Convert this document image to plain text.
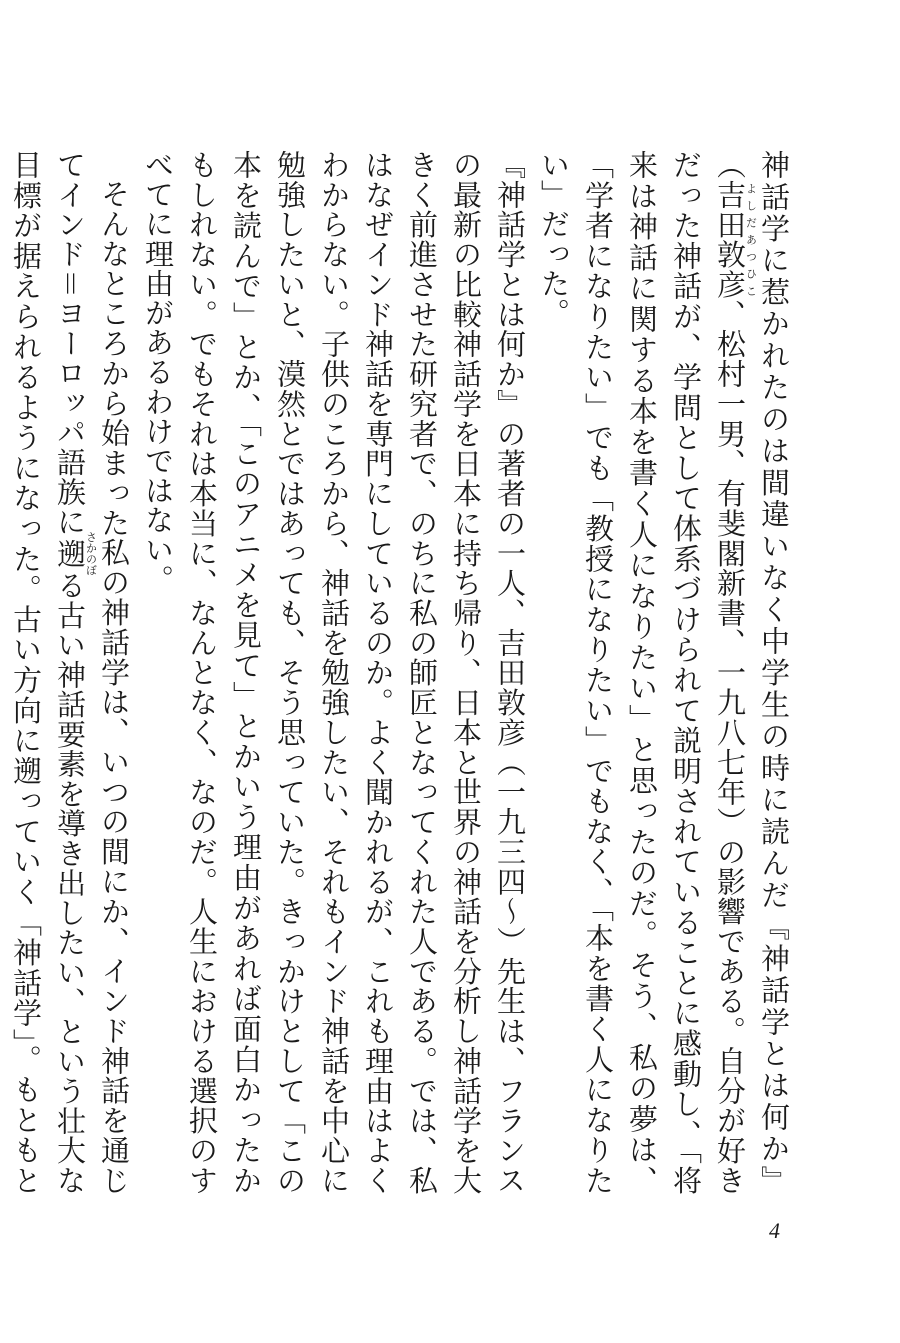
神話学に惹かれたのは間違いなく中学生の時に読んだ『神話学とは何か』（吉田敦彦よしだあつひこ、松村一男、有斐閣新書、一九八七年）の影響である。自分が好きだった神話が、学問として体系づけられて説明されていることに感動し、「将来は神話に関する本を書く人になりたい」と思ったのだ。そう、私の夢は、「学者になりたい」でも「教授になりたい」でもなく、「本を書く人になりたい」だった。

『神話学とは何か』の著者の一人、吉田敦彦（一九三四〜）先生は、フランスの最新の比較神話学を日本に持ち帰り、日本と世界の神話を分析し神話学を大きく前進させた研究者で、のちに私の師匠となってくれた人である。では、私はなぜインド神話を専門にしているのか。よく聞かれるが、これも理由はよくわからない。子供のころから、神話を勉強したい、それもインド神話を中心に勉強したいと、漠然とではあっても、そう思っていた。きっかけとして「この本を読んで」とか、「このアニメを見て」とかいう理由があれば面白かったかもしれない。でもそれは本当に、なんとなく、なのだ。人生における選択のすべてに理由があるわけではない。

そんなところから始まった私の神話学は、いつの間にか、インド神話を通じてインド＝ヨーロッパ語族に遡さかのぼる古い神話要素を導き出したい、という壮大な目標が据えられるようになった。古い方向に遡っていく「神話学」。もともと　

4
